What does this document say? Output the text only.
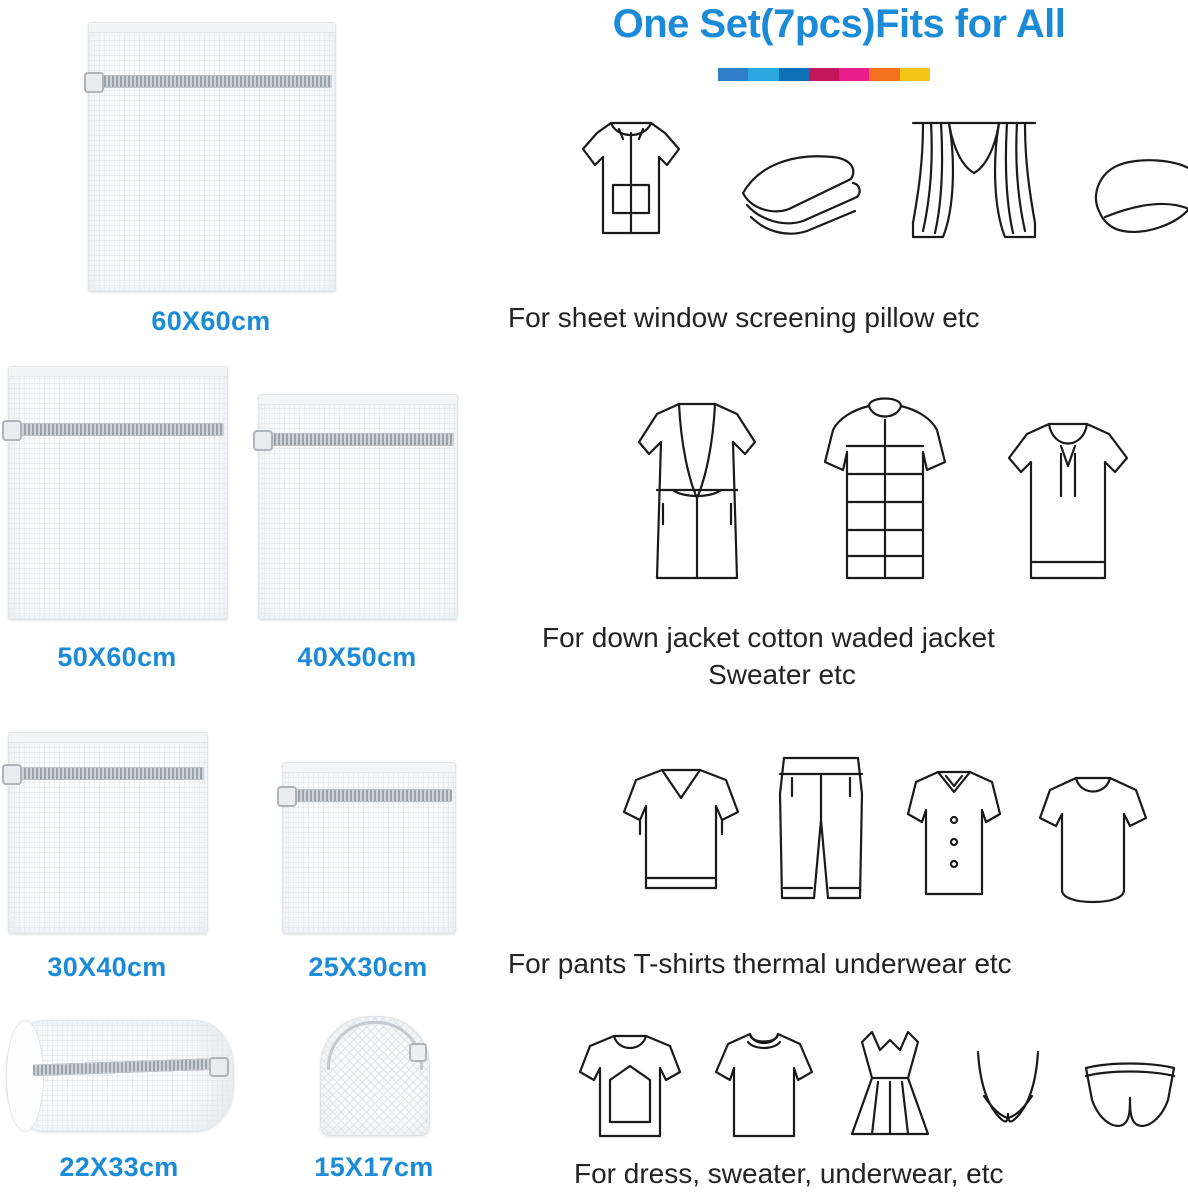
60X60cm
50X60cm	40X50cm
30X40cm	25X30cm
22X33cm	15X17cm
One Set(7pcs)Fits for All
For sheet window screening pillow etc
For down jacket cotton waded jacket
Sweater etc
For pants T-shirts thermal underwear etc
For dress, sweater, underwear, etc
